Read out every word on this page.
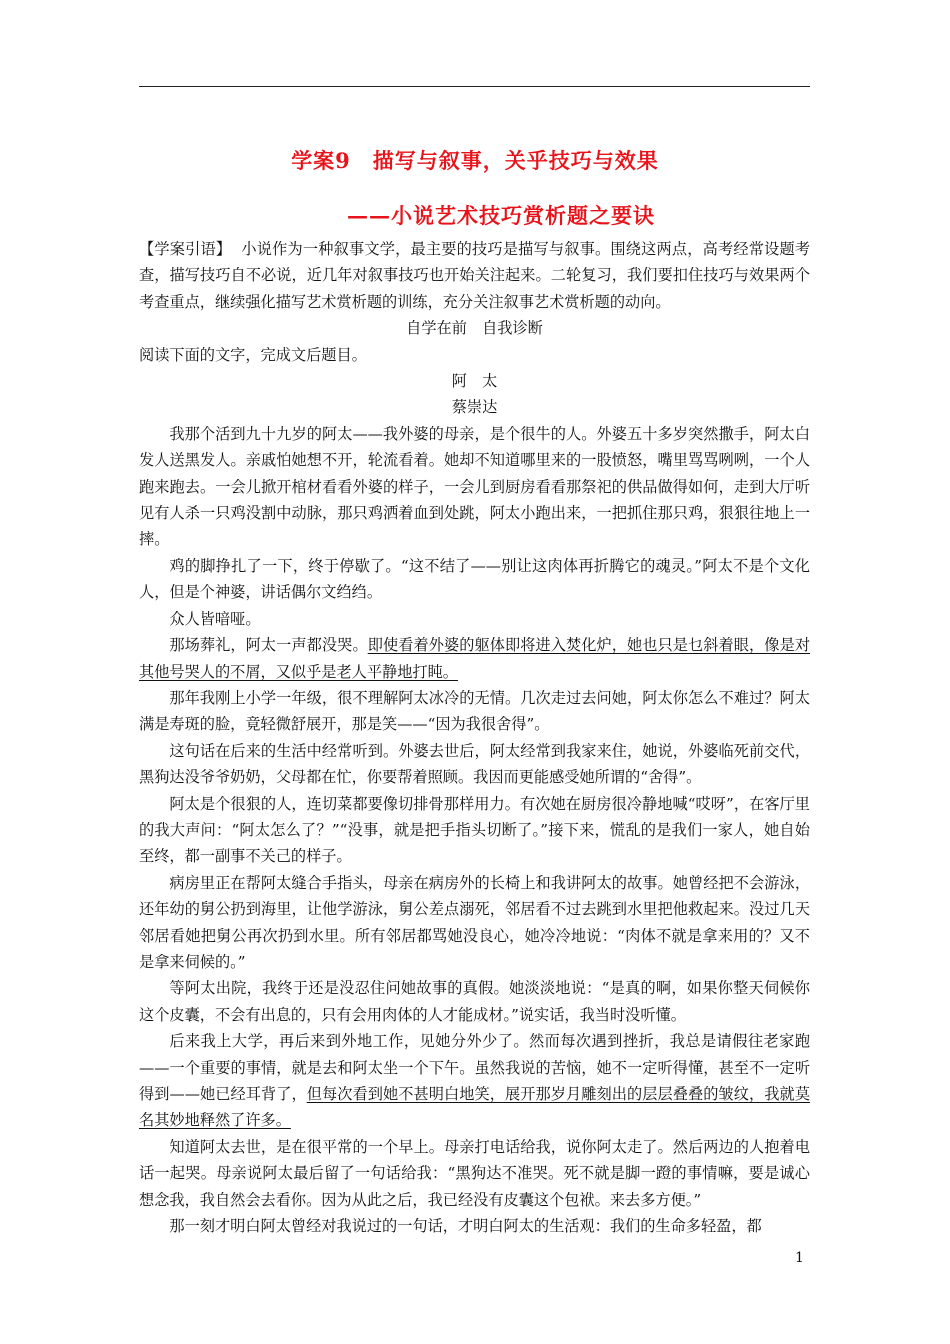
学案9　描写与叙事，关乎技巧与效果
——小说艺术技巧赏析题之要诀

【学案引语】 小说作为一种叙事文学，最主要的技巧是描写与叙事。围绕这两点，高考经常设题考查，描写技巧自不必说，近几年对叙事技巧也开始关注起来。二轮复习，我们要扣住技巧与效果两个考查重点，继续强化描写艺术赏析题的训练，充分关注叙事艺术赏析题的动向。

自学在前　自我诊断

阅读下面的文字，完成文后题目。

阿　太

蔡崇达

我那个活到九十九岁的阿太——我外婆的母亲，是个很牛的人。外婆五十多岁突然撒手，阿太白发人送黑发人。亲戚怕她想不开，轮流看着。她却不知道哪里来的一股愤怒，嘴里骂骂咧咧，一个人跑来跑去。一会儿掀开棺材看看外婆的样子，一会儿到厨房看看那祭祀的供品做得如何，走到大厅听见有人杀一只鸡没割中动脉，那只鸡洒着血到处跳，阿太小跑出来，一把抓住那只鸡，狠狠往地上一摔。

鸡的脚挣扎了一下，终于停歇了。“这不结了——别让这肉体再折腾它的魂灵。”阿太不是个文化人，但是个神婆，讲话偶尔文绉绉。

众人皆喑哑。

那场葬礼，阿太一声都没哭。即使看着外婆的躯体即将进入焚化炉，她也只是乜斜着眼，像是对其他号哭人的不屑，又似乎是老人平静地打盹。

那年我刚上小学一年级，很不理解阿太冰冷的无情。几次走过去问她，阿太你怎么不难过？阿太满是寿斑的脸，竟轻微舒展开，那是笑——“因为我很舍得”。

这句话在后来的生活中经常听到。外婆去世后，阿太经常到我家来住，她说，外婆临死前交代，黑狗达没爷爷奶奶，父母都在忙，你要帮着照顾。我因而更能感受她所谓的“舍得”。

阿太是个很狠的人，连切菜都要像切排骨那样用力。有次她在厨房很冷静地喊“哎呀”，在客厅里的我大声问：“阿太怎么了？”“没事，就是把手指头切断了。”接下来，慌乱的是我们一家人，她自始至终，都一副事不关己的样子。

病房里正在帮阿太缝合手指头，母亲在病房外的长椅上和我讲阿太的故事。她曾经把不会游泳，还年幼的舅公扔到海里，让他学游泳，舅公差点溺死，邻居看不过去跳到水里把他救起来。没过几天邻居看她把舅公再次扔到水里。所有邻居都骂她没良心，她冷冷地说：“肉体不就是拿来用的？又不是拿来伺候的。”

等阿太出院，我终于还是没忍住问她故事的真假。她淡淡地说：“是真的啊，如果你整天伺候你这个皮囊，不会有出息的，只有会用肉体的人才能成材。”说实话，我当时没听懂。

后来我上大学，再后来到外地工作，见她分外少了。然而每次遇到挫折，我总是请假往老家跑——一个重要的事情，就是去和阿太坐一个下午。虽然我说的苦恼，她不一定听得懂，甚至不一定听得到——她已经耳背了，但每次看到她不甚明白地笑，展开那岁月雕刻出的层层叠叠的皱纹，我就莫名其妙地释然了许多。

知道阿太去世，是在很平常的一个早上。母亲打电话给我，说你阿太走了。然后两边的人抱着电话一起哭。母亲说阿太最后留了一句话给我：“黑狗达不准哭。死不就是脚一蹬的事情嘛，要是诚心想念我，我自然会去看你。因为从此之后，我已经没有皮囊这个包袱。来去多方便。”

那一刻才明白阿太曾经对我说过的一句话，才明白阿太的生活观：我们的生命多轻盈，都

1
